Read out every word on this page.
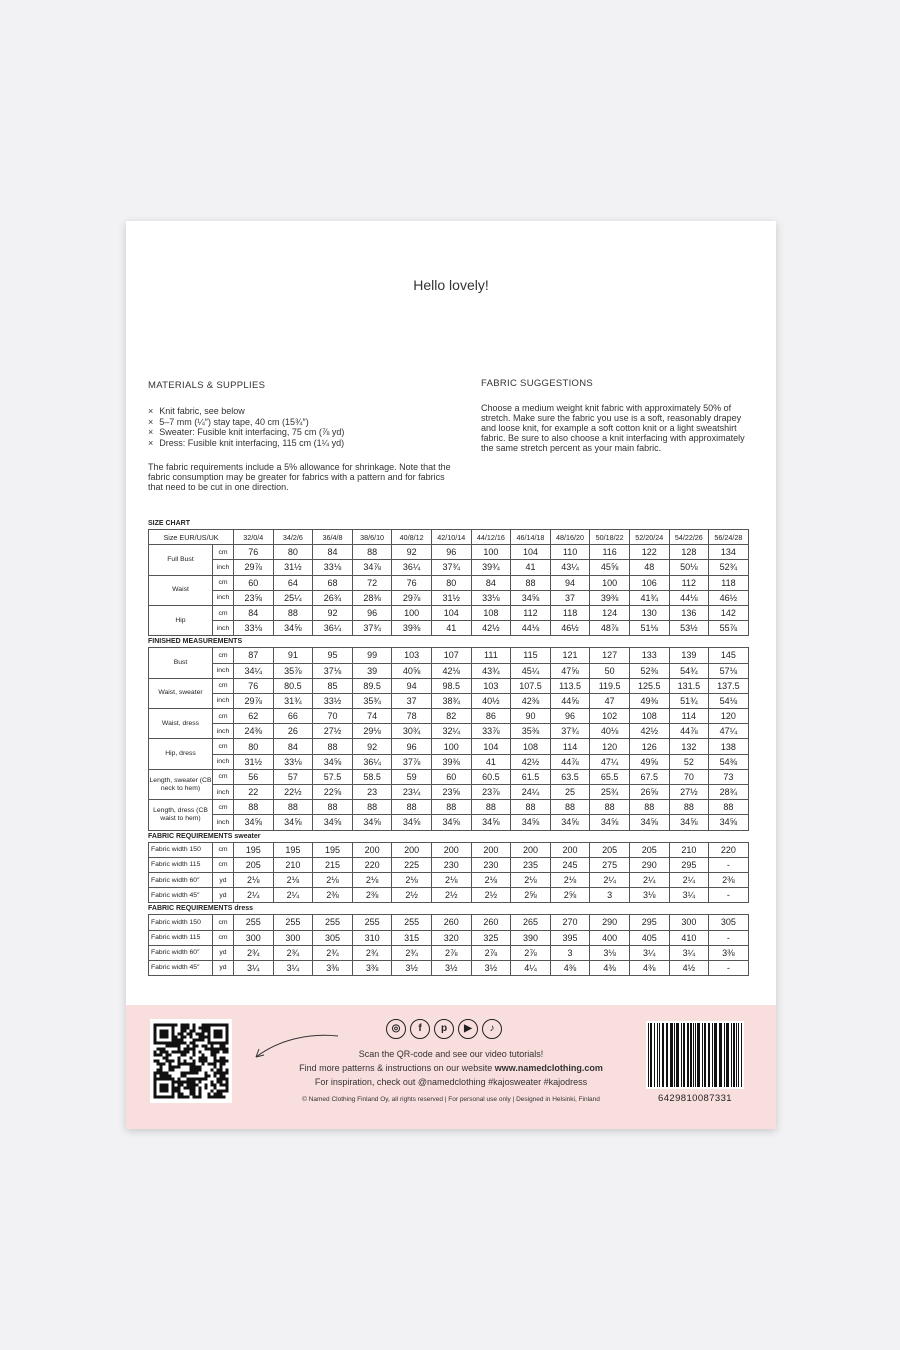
Hello lovely!
MATERIALS & SUPPLIES
× Knit fabric, see below
× 5–7 mm (¼″) stay tape, 40 cm (15¾″)
× Sweater: Fusible knit interfacing, 75 cm (⅞ yd)
× Dress: Fusible knit interfacing, 115 cm (1¼ yd)
The fabric requirements include a 5% allowance for shrinkage. Note that the fabric consumption may be greater for fabrics with a pattern and for fabrics that need to be cut in one direction.
FABRIC SUGGESTIONS
Choose a medium weight knit fabric with approximately 50% of stretch. Make sure the fabric you use is a soft, reasonably drapey and loose knit, for example a soft cotton knit or a light sweatshirt fabric. Be sure to also choose a knit interfacing with approximately the same stretch percent as your main fabric.
SIZE CHART
Size EUR/US/UK		32/0/4	34/2/6	36/4/8	38/6/10	40/8/12	42/10/14	44/12/16	46/14/18	48/16/20	50/18/22	52/20/24	54/22/26	56/24/28
Full Bust	cm	76	80	84	88	92	96	100	104	110	116	122	128	134
	inch	29⅞	31½	33⅛	34⅞	36¼	37¾	39¾	41	43¼	45⅝	48	50⅛	52¾
Waist	cm	60	64	68	72	76	80	84	88	94	100	106	112	118
	inch	23⅝	25¼	26¾	28⅜	29⅞	31½	33⅛	34⅝	37	39⅜	41¾	44⅛	46½
Hip	cm	84	88	92	96	100	104	108	112	118	124	130	136	142
	inch	33⅛	34⅝	36¼	37¾	39⅜	41	42½	44⅛	46½	48⅞	51⅛	53½	55⅞
FINISHED MEASUREMENTS
Bust	cm	87	91	95	99	103	107	111	115	121	127	133	139	145
	inch	34¼	35⅞	37⅛	39	40⅝	42⅛	43¾	45¼	47⅝	50	52⅜	54¾	57⅛
Waist, sweater	cm	76	80.5	85	89.5	94	98.5	103	107.5	113.5	119.5	125.5	131.5	137.5
	inch	29⅞	31¾	33½	35¾	37	38¾	40½	42⅜	44⅝	47	49⅜	51¾	54⅛
Waist, dress	cm	62	66	70	74	78	82	86	90	96	102	108	114	120
	inch	24⅜	26	27½	29⅛	30¾	32¼	33⅞	35⅜	37¾	40⅛	42½	44⅞	47¼
Hip, dress	cm	80	84	88	92	96	100	104	108	114	120	126	132	138
	inch	31½	33⅛	34⅝	36¼	37⅞	39⅜	41	42½	44⅞	47¼	49⅝	52	54⅜
Length, sweater (CB neck to hem)	cm	56	57	57.5	58.5	59	60	60.5	61.5	63.5	65.5	67.5	70	73
	inch	22	22½	22⅝	23	23¼	23⅝	23⅞	24¼	25	25¾	26⅝	27½	28¾
Length, dress (CB waist to hem)	cm	88	88	88	88	88	88	88	88	88	88	88	88	88
	inch	34⅝	34⅝	34⅝	34⅝	34⅝	34⅝	34⅝	34⅝	34⅝	34⅝	34⅝	34⅝	34⅝
FABRIC REQUIREMENTS sweater
Fabric width 150	cm	195	195	195	200	200	200	200	200	200	205	205	210	220
Fabric width 115	cm	205	210	215	220	225	230	230	235	245	275	290	295	-
Fabric width 60″	yd	2⅛	2⅛	2⅛	2⅛	2⅛	2⅛	2⅛	2⅛	2⅛	2¼	2¼	2¼	2⅜
Fabric width 45″	yd	2¼	2¼	2⅜	2⅜	2½	2½	2½	2⅝	2⅝	3	3⅛	3¼	-
FABRIC REQUIREMENTS dress
Fabric width 150	cm	255	255	255	255	255	260	260	265	270	290	295	300	305
Fabric width 115	cm	300	300	305	310	315	320	325	390	395	400	405	410	-
Fabric width 60″	yd	2¾	2¾	2¾	2¾	2¾	2⅞	2⅞	2⅞	3	3⅛	3¼	3¼	3⅜
Fabric width 45″	yd	3¼	3¼	3⅜	3⅜	3½	3½	3½	4¼	4⅜	4⅜	4⅜	4½	-
◎	f	p	▶	♪
Scan the QR-code and see our video tutorials!
Find more patterns & instructions on our website www.namedclothing.com
For inspiration, check out @namedclothing #kajosweater #kajodress
© Named Clothing Finland Oy, all rights reserved | For personal use only | Designed in Helsinki, Finland	6429810087331
